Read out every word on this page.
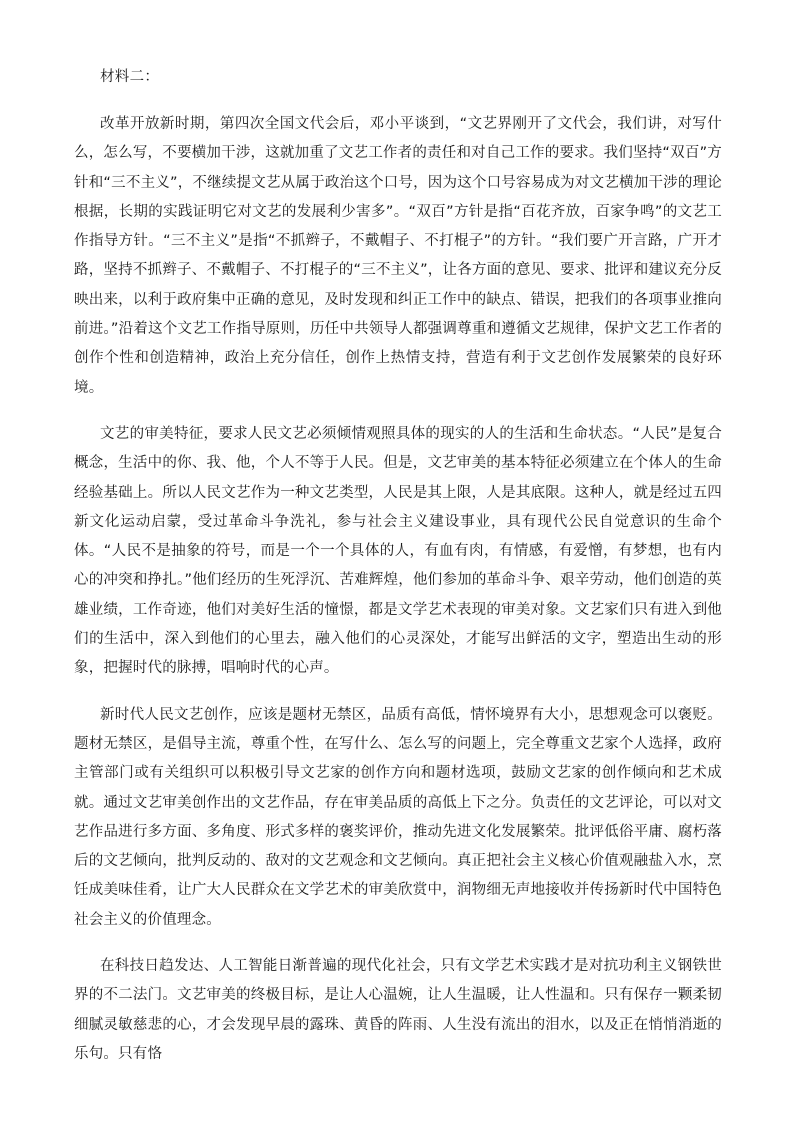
材料二：

改革开放新时期，第四次全国文代会后，邓小平谈到，“文艺界刚开了文代会，我们讲，对写什么，怎么写，不要横加干涉，这就加重了文艺工作者的责任和对自己工作的要求。我们坚持“双百”方针和“三不主义”，不继续提文艺从属于政治这个口号，因为这个口号容易成为对文艺横加干涉的理论根据，长期的实践证明它对文艺的发展利少害多”。“双百”方针是指“百花齐放，百家争鸣”的文艺工作指导方针。“三不主义”是指“不抓辫子，不戴帽子、不打棍子”的方针。“我们要广开言路，广开才路，坚持不抓辫子、不戴帽子、不打棍子的“三不主义”，让各方面的意见、要求、批评和建议充分反映出来，以利于政府集中正确的意见，及时发现和纠正工作中的缺点、错误，把我们的各项事业推向前进。”沿着这个文艺工作指导原则，历任中共领导人都强调尊重和遵循文艺规律，保护文艺工作者的创作个性和创造精神，政治上充分信任，创作上热情支持，营造有利于文艺创作发展繁荣的良好环境。

文艺的审美特征，要求人民文艺必须倾情观照具体的现实的人的生活和生命状态。“人民”是复合概念，生活中的你、我、他，个人不等于人民。但是，文艺审美的基本特征必须建立在个体人的生命经验基础上。所以人民文艺作为一种文艺类型，人民是其上限，人是其底限。这种人，就是经过五四新文化运动启蒙，受过革命斗争洗礼，参与社会主义建设事业，具有现代公民自觉意识的生命个体。“人民不是抽象的符号，而是一个一个具体的人，有血有肉，有情感，有爱憎，有梦想，也有内心的冲突和挣扎。”他们经历的生死浮沉、苦难辉煌，他们参加的革命斗争、艰辛劳动，他们创造的英雄业绩，工作奇迹，他们对美好生活的憧憬，都是文学艺术表现的审美对象。文艺家们只有进入到他们的生活中，深入到他们的心里去，融入他们的心灵深处，才能写出鲜活的文字，塑造出生动的形象，把握时代的脉搏，唱响时代的心声。

新时代人民文艺创作，应该是题材无禁区，品质有高低，情怀境界有大小，思想观念可以褒贬。题材无禁区，是倡导主流，尊重个性，在写什么、怎么写的问题上，完全尊重文艺家个人选择，政府主管部门或有关组织可以积极引导文艺家的创作方向和题材选项，鼓励文艺家的创作倾向和艺术成就。通过文艺审美创作出的文艺作品，存在审美品质的高低上下之分。负责任的文艺评论，可以对文艺作品进行多方面、多角度、形式多样的褒奖评价，推动先进文化发展繁荣。批评低俗平庸、腐朽落后的文艺倾向，批判反动的、敌对的文艺观念和文艺倾向。真正把社会主义核心价值观融盐入水，烹饪成美味佳肴，让广大人民群众在文学艺术的审美欣赏中，润物细无声地接收并传扬新时代中国特色社会主义的价值理念。

在科技日趋发达、人工智能日渐普遍的现代化社会，只有文学艺术实践才是对抗功利主义钢铁世界的不二法门。文艺审美的终极目标，是让人心温婉，让人生温暖，让人性温和。只有保存一颗柔韧细腻灵敏慈悲的心，才会发现早晨的露珠、黄昏的阵雨、人生没有流出的泪水，以及正在悄悄消逝的乐句。只有恪
